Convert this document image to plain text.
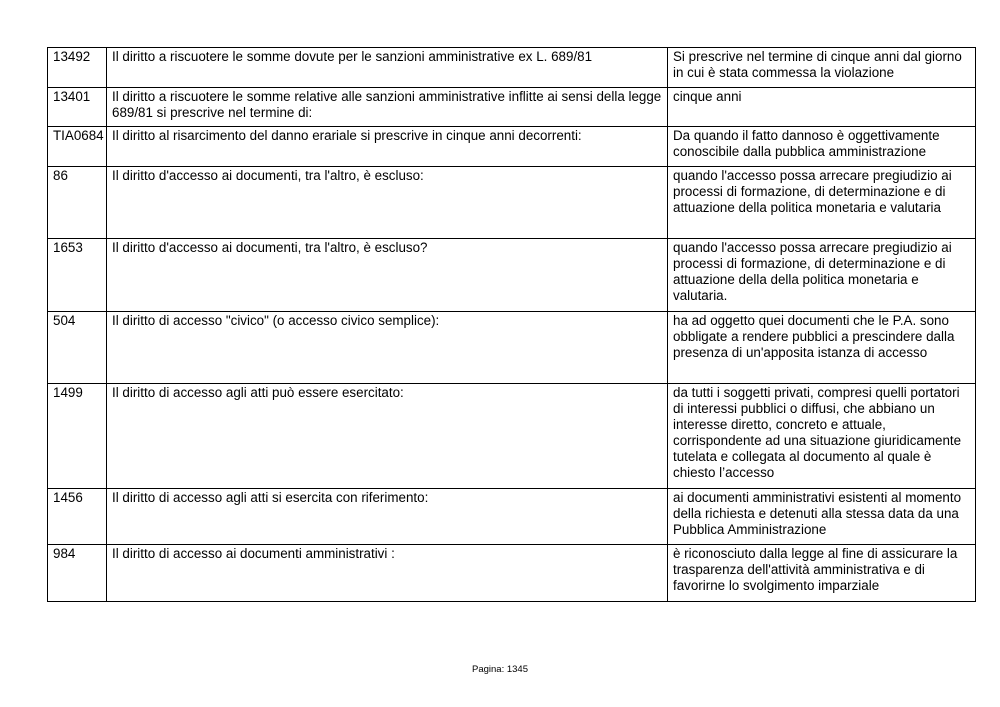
13492	Il diritto a riscuotere le somme dovute per le sanzioni amministrative ex L. 689/81	Si prescrive nel termine di cinque anni dal giorno in cui è stata commessa la violazione
13401	Il diritto a riscuotere le somme relative alle sanzioni amministrative inflitte ai sensi della legge 689/81 si prescrive nel termine di:	cinque anni
TIA0684	Il diritto al risarcimento del danno erariale si prescrive in cinque anni decorrenti:	Da quando il fatto dannoso è oggettivamente conoscibile dalla pubblica amministrazione
86	Il diritto d'accesso ai documenti, tra l'altro, è escluso:	quando l'accesso possa arrecare pregiudizio ai processi di formazione, di determinazione e di attuazione della politica monetaria e valutaria
1653	Il diritto d'accesso ai documenti, tra l'altro, è escluso?	quando l'accesso possa arrecare pregiudizio ai processi di formazione, di determinazione e di attuazione della della politica monetaria e valutaria.
504	Il diritto di accesso "civico" (o accesso civico semplice):	ha ad oggetto quei documenti che le P.A. sono obbligate a rendere pubblici a prescindere dalla presenza di un'apposita istanza di accesso
1499	Il diritto di accesso agli atti può essere esercitato:	da tutti i soggetti privati, compresi quelli portatori di interessi pubblici o diffusi, che abbiano un interesse diretto, concreto e attuale, corrispondente ad una situazione giuridicamente tutelata e collegata al documento al quale è chiesto l’accesso
1456	Il diritto di accesso agli atti si esercita con riferimento:	ai documenti amministrativi esistenti al momento della richiesta e detenuti alla stessa data da una Pubblica Amministrazione
984	Il diritto di accesso ai documenti amministrativi :	è riconosciuto dalla legge al fine di assicurare la trasparenza dell'attività amministrativa e di favorirne lo svolgimento imparziale
Pagina: 1345
